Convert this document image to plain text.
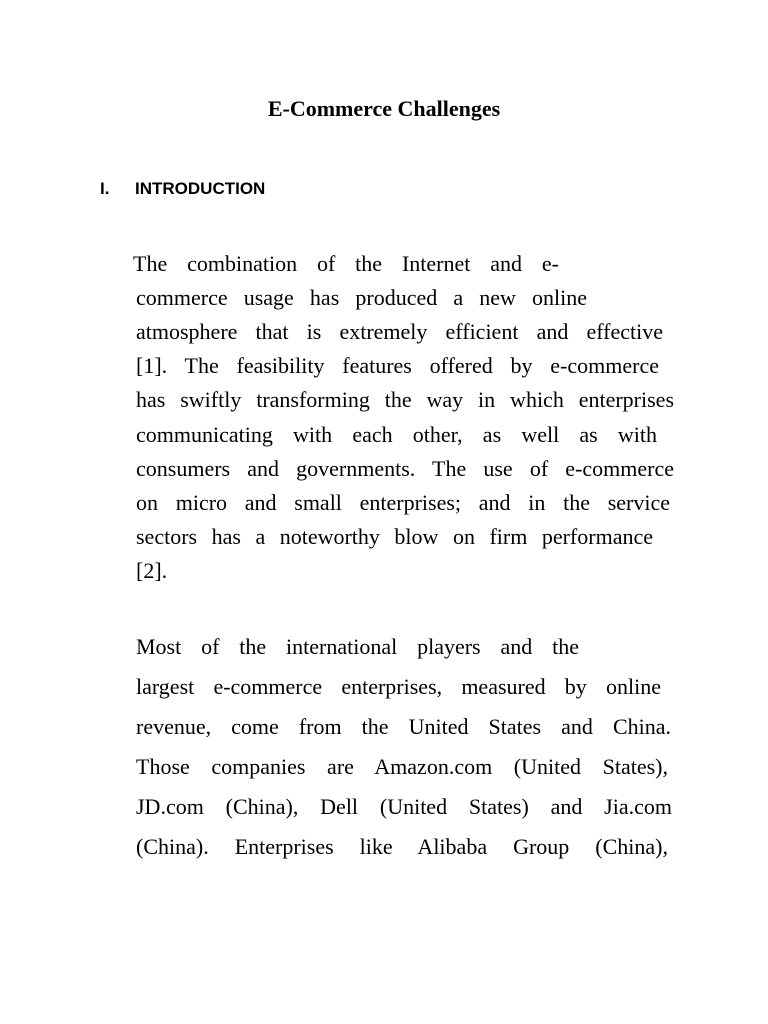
E-Commerce Challenges
I. INTRODUCTION
The combination of the Internet and e-
commerce usage has produced a new online
atmosphere that is extremely efficient and effective
[1]. The feasibility features offered by e-commerce
has swiftly transforming the way in which enterprises
communicating with each other, as well as with
consumers and governments. The use of e-commerce
on micro and small enterprises; and in the service
sectors has a noteworthy blow on firm performance
[2].
Most of the international players and the
largest e-commerce enterprises, measured by online
revenue, come from the United States and China.
Those companies are Amazon.com (United States),
JD.com (China), Dell (United States) and Jia.com
(China). Enterprises like Alibaba Group (China),
